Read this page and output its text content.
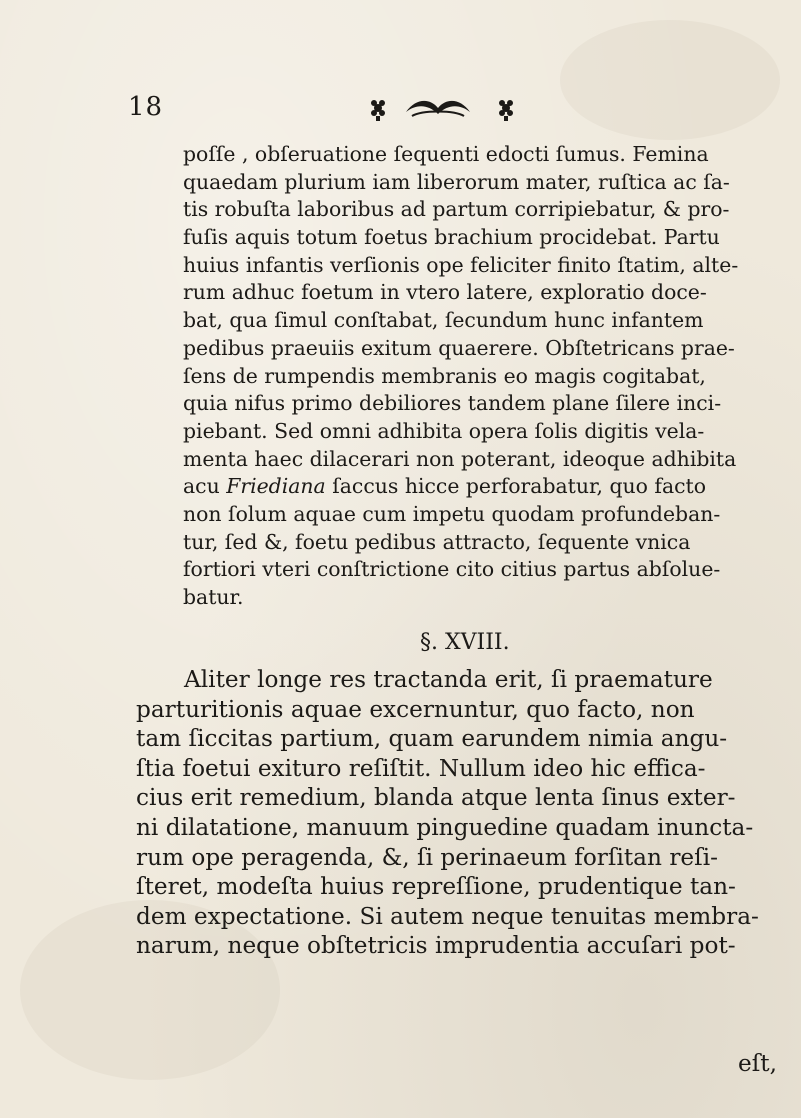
18
poſſe , obſeruatione ſequenti edocti ſumus. Femina
quaedam plurium iam liberorum mater, ruſtica ac ſa-
tis robuſta laboribus ad partum corripiebatur, & pro-
fuſis aquis totum foetus brachium procidebat. Partu
huius infantis verſionis ope feliciter finito ſtatim, alte-
rum adhuc foetum in vtero latere, exploratio doce-
bat, qua ſimul conſtabat, ſecundum hunc infantem
pedibus praeuiis exitum quaerere. Obſtetricans prae-
ſens de rumpendis membranis eo magis cogitabat,
quia nifus primo debiliores tandem plane ſilere inci-
piebant. Sed omni adhibita opera ſolis digitis vela-
menta haec dilacerari non poterant, ideoque adhibita
acu Friediana ſaccus hicce perforabatur, quo facto
non ſolum aquae cum impetu quodam profundeban-
tur, ſed &, foetu pedibus attracto, ſequente vnica
fortiori vteri conſtrictione cito citius partus abſolue-
batur.
§. XVIII.
Aliter longe res tractanda erit, ſi praemature
parturitionis aquae excernuntur, quo facto, non
tam ſiccitas partium, quam earundem nimia angu-
ſtia foetui exituro reſiſtit. Nullum ideo hic effica-
cius erit remedium, blanda atque lenta ſinus exter-
ni dilatatione, manuum pinguedine quadam inuncta-
rum ope peragenda, &, ſi perinaeum forſitan reſi-
ſteret, modeſta huius repreſſione, prudentique tan-
dem expectatione. Si autem neque tenuitas membra-
narum, neque obſtetricis imprudentia accuſari pot-
eſt,
